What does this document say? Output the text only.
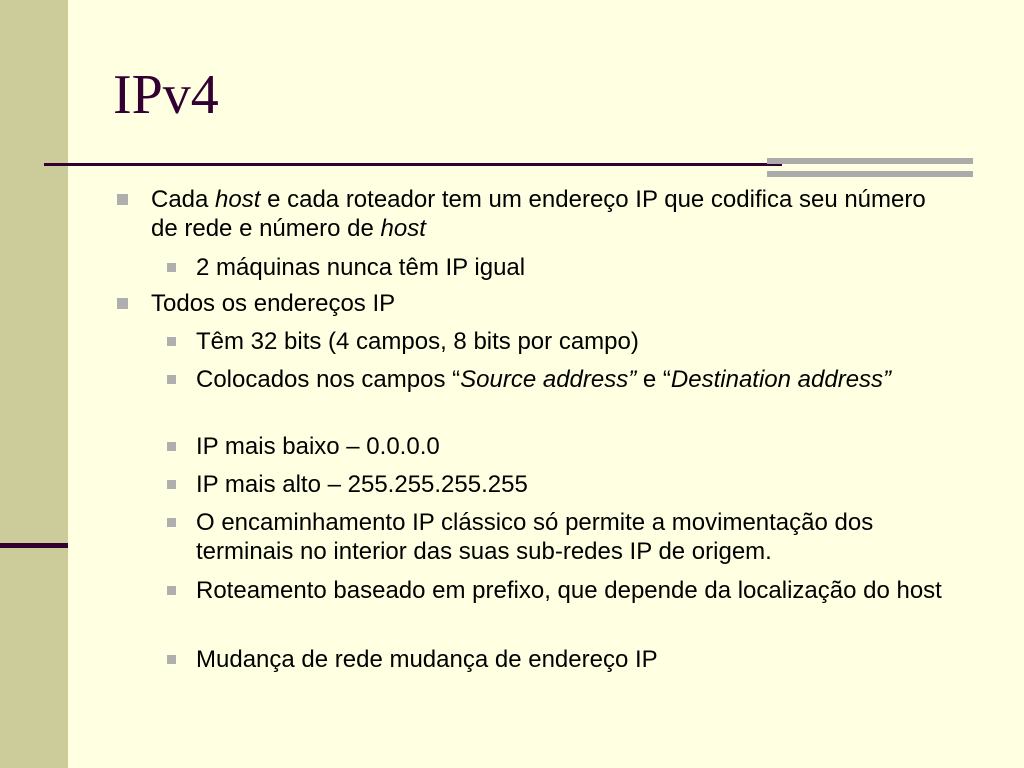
IPv4
Cada host e cada roteador tem um endereço IP que codifica seu número de rede e número de host
2 máquinas nunca têm IP igual
Todos os endereços IP
Têm 32 bits (4 campos, 8 bits por campo)
Colocados nos campos “Source address” e “Destination address”
IP mais baixo – 0.0.0.0
IP mais alto – 255.255.255.255
O encaminhamento IP clássico só permite a movimentação dos terminais no interior das suas sub-redes IP de origem.
Roteamento baseado em prefixo, que depende da localização do host
Mudança de rede mudança de endereço IP
